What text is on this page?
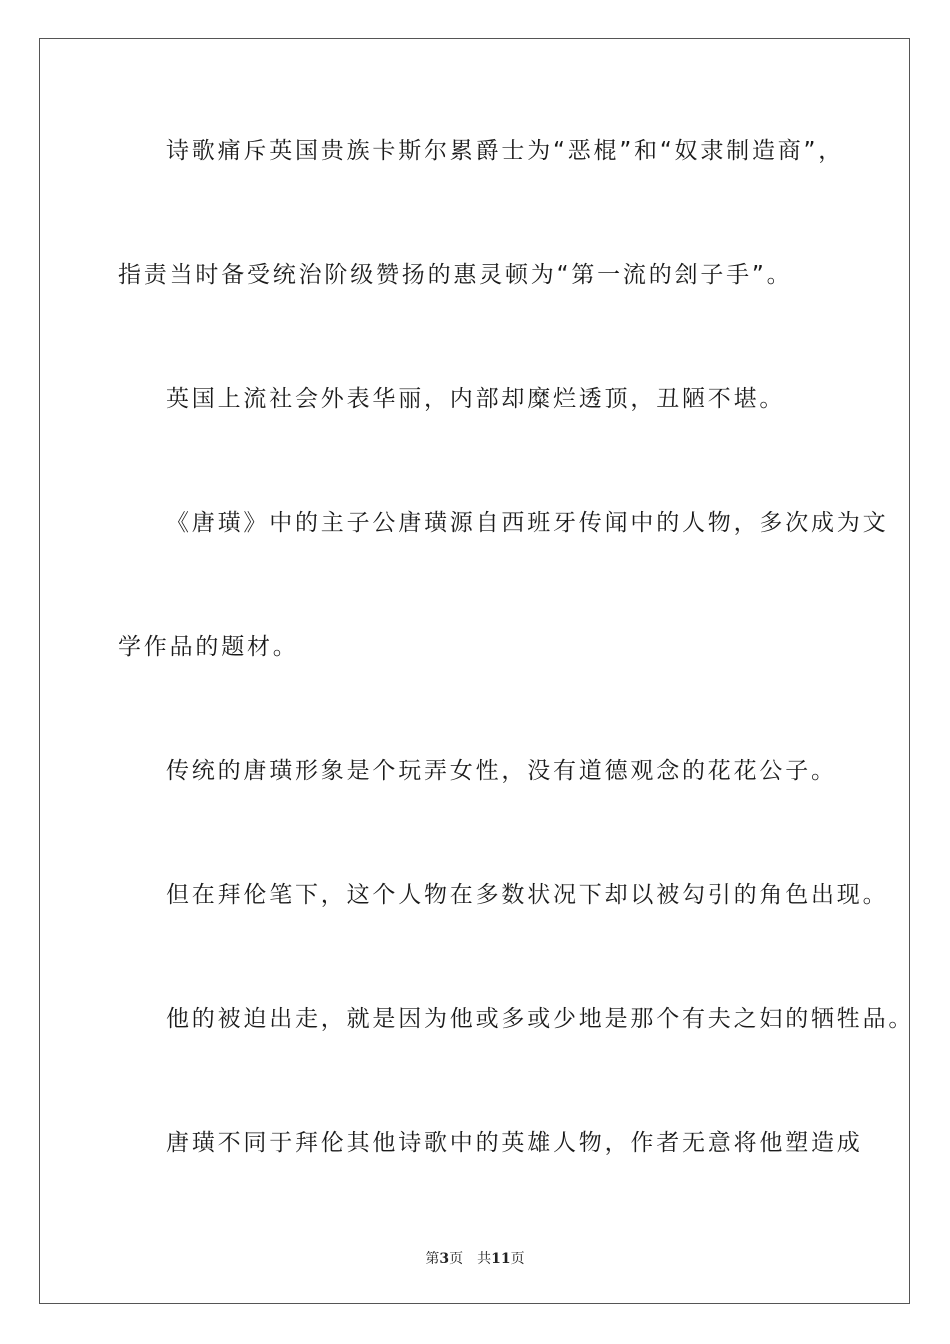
诗歌痛斥英国贵族卡斯尔累爵士为“恶棍”和“奴隶制造商”，
指责当时备受统治阶级赞扬的惠灵顿为“第一流的刽子手”。
英国上流社会外表华丽，内部却糜烂透顶，丑陋不堪。
《唐璜》中的主子公唐璜源自西班牙传闻中的人物，多次成为文
学作品的题材。
传统的唐璜形象是个玩弄女性，没有道德观念的花花公子。
但在拜伦笔下，这个人物在多数状况下却以被勾引的角色出现。
他的被迫出走，就是因为他或多或少地是那个有夫之妇的牺牲品。
唐璜不同于拜伦其他诗歌中的英雄人物，作者无意将他塑造成
第3页 共11页
